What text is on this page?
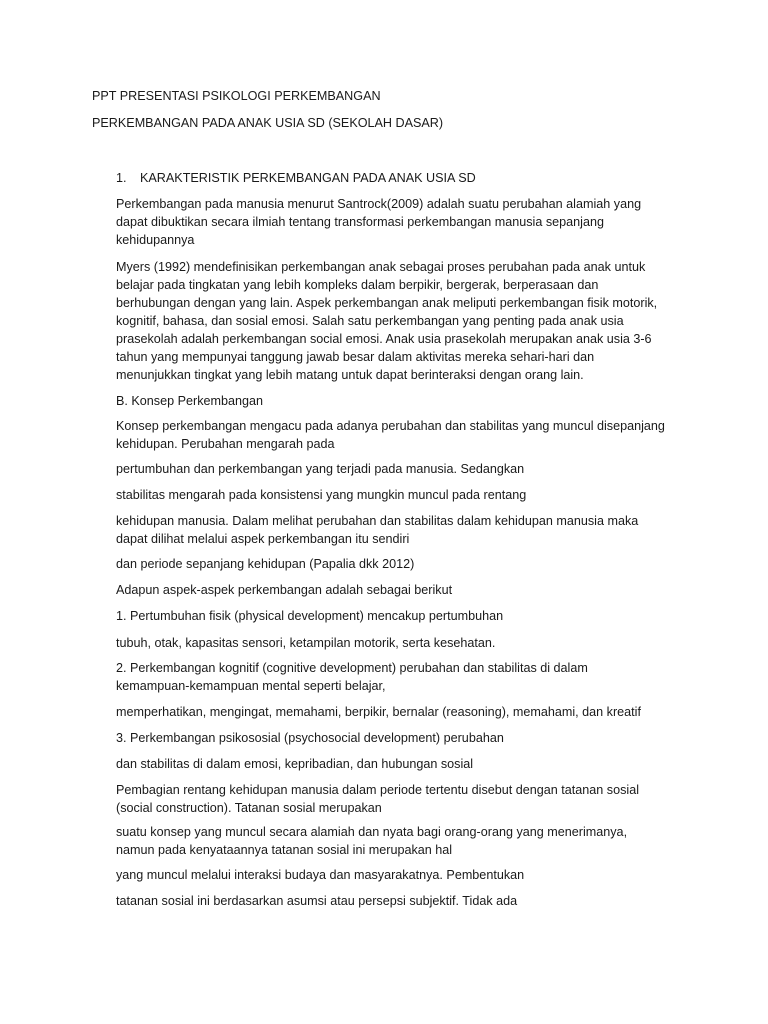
PPT PRESENTASI PSIKOLOGI PERKEMBANGAN
PERKEMBANGAN PADA ANAK USIA SD (SEKOLAH DASAR)
1. KARAKTERISTIK PERKEMBANGAN PADA ANAK USIA SD
Perkembangan pada manusia menurut Santrock(2009) adalah suatu perubahan alamiah yang
dapat dibuktikan secara ilmiah tentang transformasi perkembangan manusia sepanjang
kehidupannya
Myers (1992) mendefinisikan perkembangan anak sebagai proses perubahan pada anak untuk
belajar pada tingkatan yang lebih kompleks dalam berpikir, bergerak, berperasaan dan
berhubungan dengan yang lain. Aspek perkembangan anak meliputi perkembangan fisik motorik,
kognitif, bahasa, dan sosial emosi. Salah satu perkembangan yang penting pada anak usia
prasekolah adalah perkembangan social emosi. Anak usia prasekolah merupakan anak usia 3-6
tahun yang mempunyai tanggung jawab besar dalam aktivitas mereka sehari-hari dan
menunjukkan tingkat yang lebih matang untuk dapat berinteraksi dengan orang lain.
B. Konsep Perkembangan
Konsep perkembangan mengacu pada adanya perubahan dan stabilitas yang muncul disepanjang
kehidupan. Perubahan mengarah pada
pertumbuhan dan perkembangan yang terjadi pada manusia. Sedangkan
stabilitas mengarah pada konsistensi yang mungkin muncul pada rentang
kehidupan manusia. Dalam melihat perubahan dan stabilitas dalam kehidupan manusia maka
dapat dilihat melalui aspek perkembangan itu sendiri
dan periode sepanjang kehidupan (Papalia dkk 2012)
Adapun aspek-aspek perkembangan adalah sebagai berikut
1. Pertumbuhan fisik (physical development) mencakup pertumbuhan
tubuh, otak, kapasitas sensori, ketampilan motorik, serta kesehatan.
2. Perkembangan kognitif (cognitive development) perubahan dan stabilitas di dalam
kemampuan-kemampuan mental seperti belajar,
memperhatikan, mengingat, memahami, berpikir, bernalar (reasoning), memahami, dan kreatif
3. Perkembangan psikososial (psychosocial development) perubahan
dan stabilitas di dalam emosi, kepribadian, dan hubungan sosial
Pembagian rentang kehidupan manusia dalam periode tertentu disebut dengan tatanan sosial
(social construction). Tatanan sosial merupakan
suatu konsep yang muncul secara alamiah dan nyata bagi orang-orang yang menerimanya,
namun pada kenyataannya tatanan sosial ini merupakan hal
yang muncul melalui interaksi budaya dan masyarakatnya. Pembentukan
tatanan sosial ini berdasarkan asumsi atau persepsi subjektif. Tidak ada
